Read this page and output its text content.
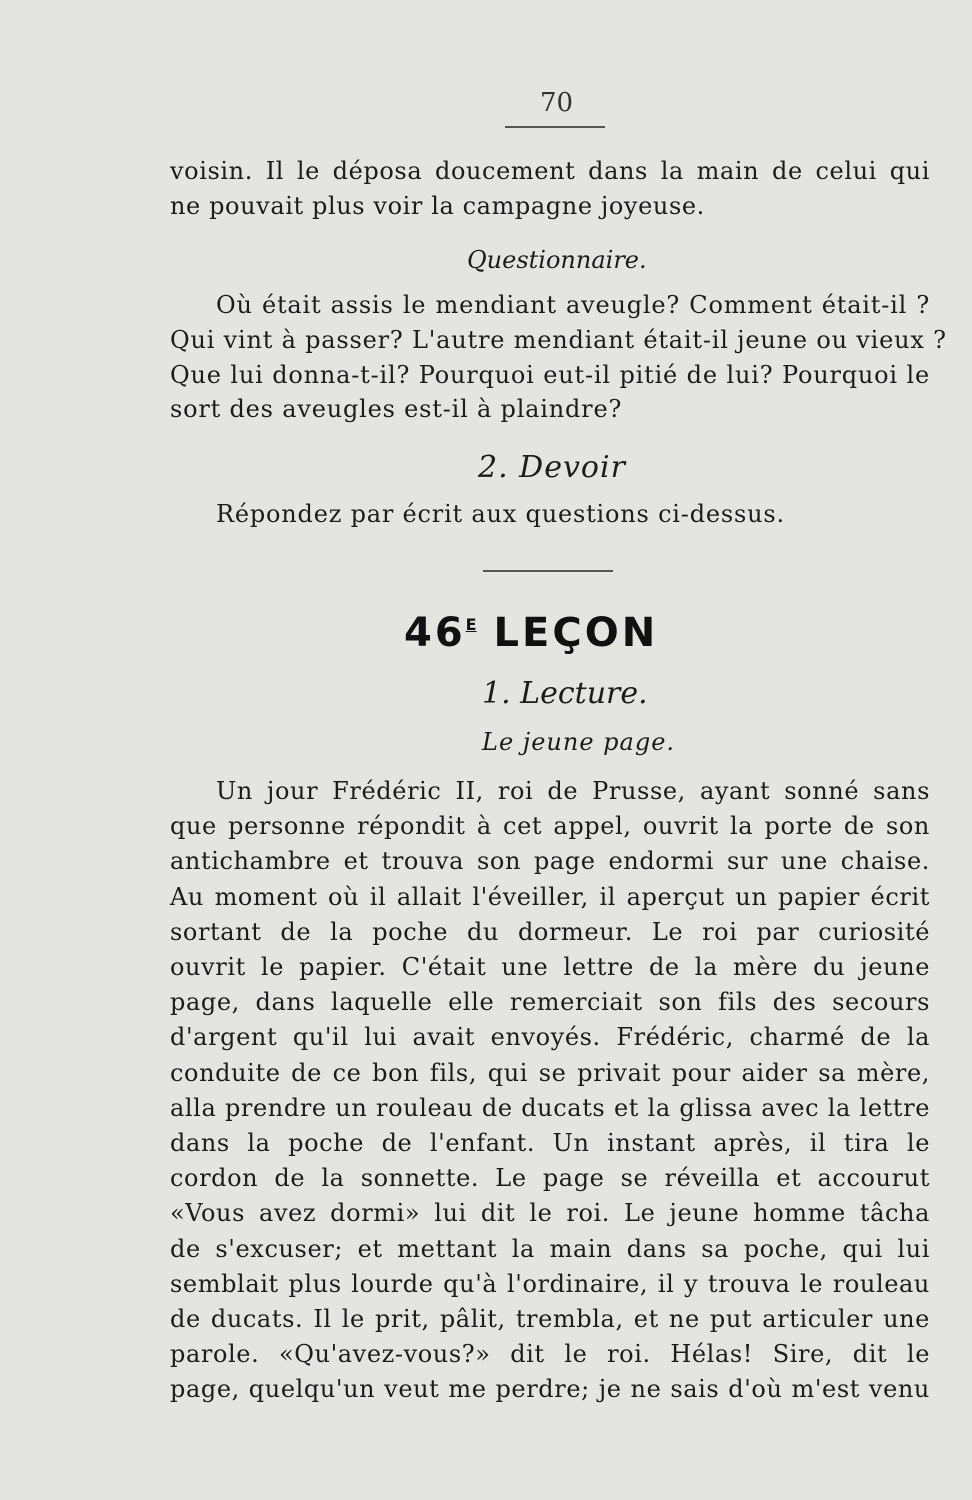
70
voisin. Il le déposa doucement dans la main de celui qui
ne pouvait plus voir la campagne joyeuse.
Questionnaire.
Où était assis le mendiant aveugle? Comment était-il ?
Qui vint à passer? L'autre mendiant était-il jeune ou vieux ?
Que lui donna-t-il? Pourquoi eut-il pitié de lui? Pourquoi le
sort des aveugles est-il à plaindre?
2. Devoir
Répondez par écrit aux questions ci-dessus.
$46^E$ LEÇON
1. Lecture.
Le jeune page.
Un jour Frédéric II, roi de Prusse, ayant sonné sans
que personne répondit à cet appel, ouvrit la porte de son
antichambre et trouva son page endormi sur une chaise.
Au moment où il allait l'éveiller, il aperçut un papier écrit
sortant de la poche du dormeur. Le roi par curiosité
ouvrit le papier. C'était une lettre de la mère du jeune
page, dans laquelle elle remerciait son fils des secours
d'argent qu'il lui avait envoyés. Frédéric, charmé de la
conduite de ce bon fils, qui se privait pour aider sa mère,
alla prendre un rouleau de ducats et la glissa avec la lettre
dans la poche de l'enfant. Un instant après, il tira le
cordon de la sonnette. Le page se réveilla et accourut
«Vous avez dormi» lui dit le roi. Le jeune homme tâcha
de s'excuser; et mettant la main dans sa poche, qui lui
semblait plus lourde qu'à l'ordinaire, il y trouva le rouleau
de ducats. Il le prit, pâlit, trembla, et ne put articuler une
parole. «Qu'avez-vous?» dit le roi. Hélas! Sire, dit le
page, quelqu'un veut me perdre; je ne sais d'où m'est venu
